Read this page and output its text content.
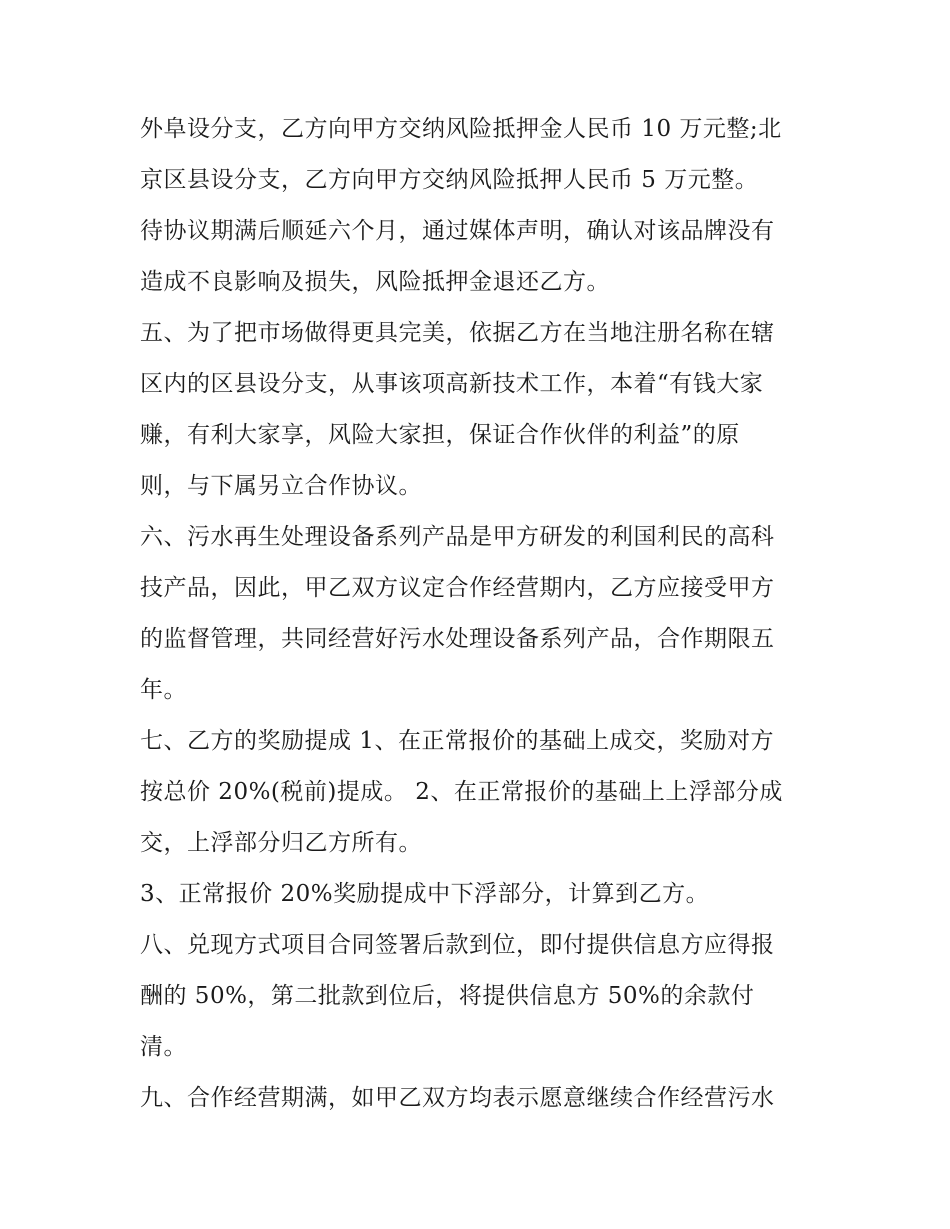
外阜设分支，乙方向甲方交纳风险抵押金人民币 10 万元整;北
京区县设分支，乙方向甲方交纳风险抵押人民币 5 万元整。
待协议期满后顺延六个月，通过媒体声明，确认对该品牌没有
造成不良影响及损失，风险抵押金退还乙方。
五、为了把市场做得更具完美，依据乙方在当地注册名称在辖
区内的区县设分支，从事该项高新技术工作，本着“有钱大家
赚，有利大家享，风险大家担，保证合作伙伴的利益”的原
则，与下属另立合作协议。
六、污水再生处理设备系列产品是甲方研发的利国利民的高科
技产品，因此，甲乙双方议定合作经营期内，乙方应接受甲方
的监督管理，共同经营好污水处理设备系列产品，合作期限五
年。
七、乙方的奖励提成 1、在正常报价的基础上成交，奖励对方
按总价 20%(税前)提成。 2、在正常报价的基础上上浮部分成
交，上浮部分归乙方所有。
3、正常报价 20%奖励提成中下浮部分，计算到乙方。
八、兑现方式项目合同签署后款到位，即付提供信息方应得报
酬的 50%，第二批款到位后，将提供信息方 50%的余款付
清。
九、合作经营期满，如甲乙双方均表示愿意继续合作经营污水
